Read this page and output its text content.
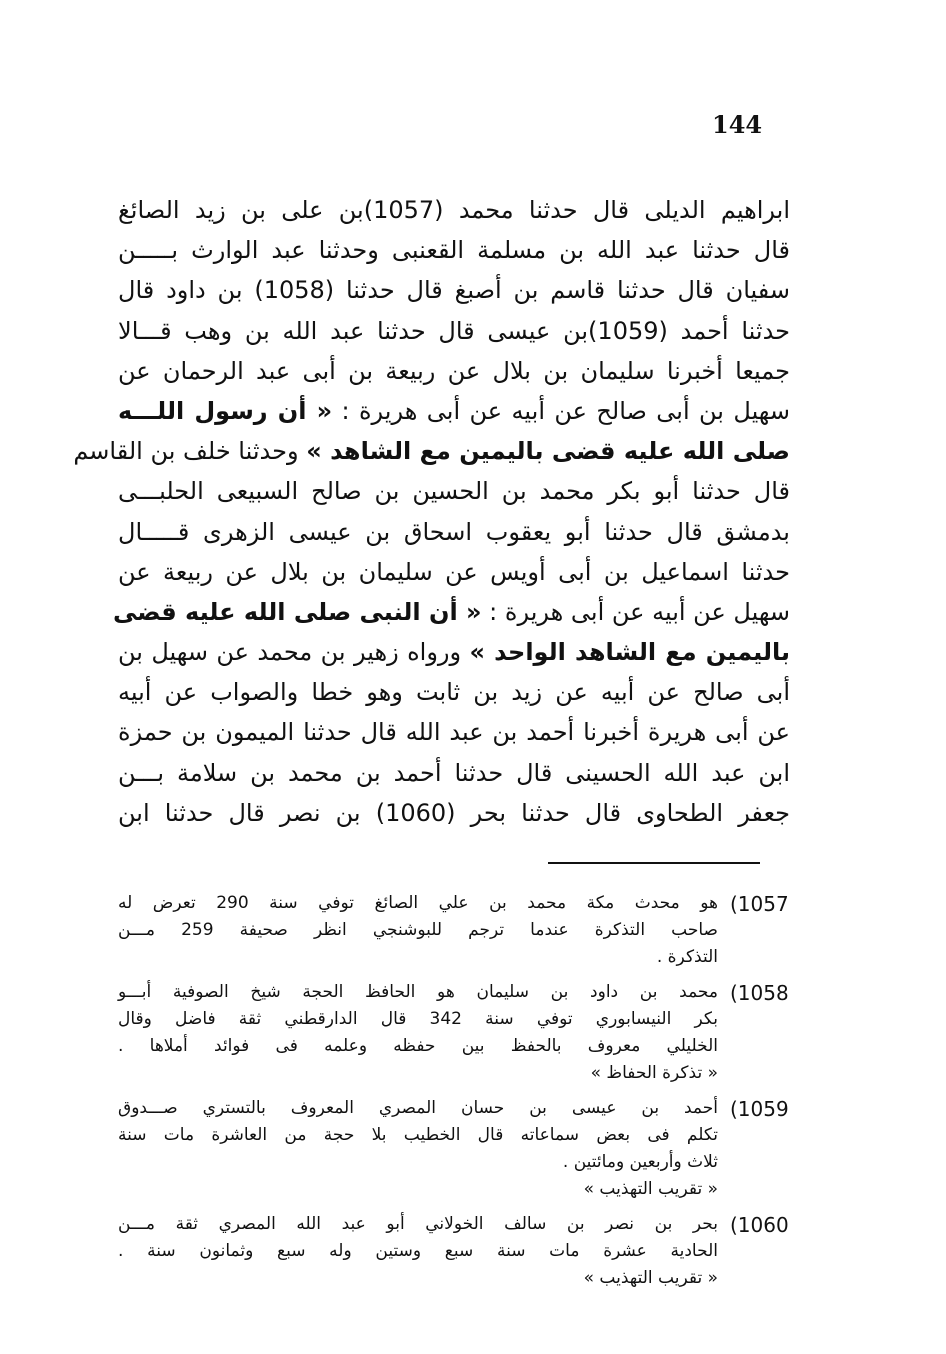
144
ابراهيم الديلى قال حدثنا محمد (1057)بن على بن زيد الصائغ
قال حدثنا عبد الله بن مسلمة القعنبى وحدثنا عبد الوارث بـــــن
سفيان قال حدثنا قاسم بن أصبغ قال حدثنا (1058) بن داود قال
حدثنا أحمد (1059)بن عيسى قال حدثنا عبد الله بن وهب قـــالا
جميعا أخبرنا سليمان بن بلال عن ربيعة بن أبى عبد الرحمان عن
سهيل بن أبى صالح عن أبيه عن أبى هريرة : « أن رسول اللـــه
صلى الله عليه قضى باليمين مع الشاهد » وحدثنا خلف بن القاسم
قال حدثنا أبو بكر محمد بن الحسين بن صالح السبيعى الحلبـــى
بدمشق قال حدثنا أبو يعقوب اسحاق بن عيسى الزهرى قـــــال
حدثنا اسماعيل بن أبى أويس عن سليمان بن بلال عن ربيعة عن
سهيل عن أبيه عن أبى هريرة : « أن النبى صلى الله عليه قضى
باليمين مع الشاهد الواحد » ورواه زهير بن محمد عن سهيل بن
أبى صالح عن أبيه عن زيد بن ثابت وهو خطا والصواب عن أبيه
عن أبى هريرة أخبرنا أحمد بن عبد الله قال حدثنا الميمون بن حمزة
ابن عبد الله الحسينى قال حدثنا أحمد بن محمد بن سلامة بـــن
جعفر الطحاوى قال حدثنا بحر (1060) بن نصر قال حدثنا ابن
(1057
هو محدث مكة محمد بن علي الصائغ توفي سنة 290 تعرض له
صاحب التذكرة عندما ترجم للبوشنجي انظر صحيفة 259 مـــن
التذكرة .
(1058
محمد بن داود بن سليمان هو الحافظ الحجة شيخ الصوفية أبـــو
بكر النيسابوري توفي سنة 342 قال الدارقطني ثقة فاضل وقال
الخليلي معروف بالحفظ بين حفظه وعلمه فى فوائد أملاها .
« تذكرة الحفاظ »
(1059
أحمد بن عيسى بن حسان المصري المعروف بالتستري صـــدوق
تكلم فى بعض سماعاته قال الخطيب بلا حجة من العاشرة مات سنة
ثلاث وأربعين ومائتين .
« تقريب التهذيب »
(1060
بحر بن نصر بن سالف الخولاني أبو عبد الله المصري ثقة مـــن
الحادية عشرة مات سنة سبع وستين وله سبع وثمانون سنة .
« تقريب التهذيب »
